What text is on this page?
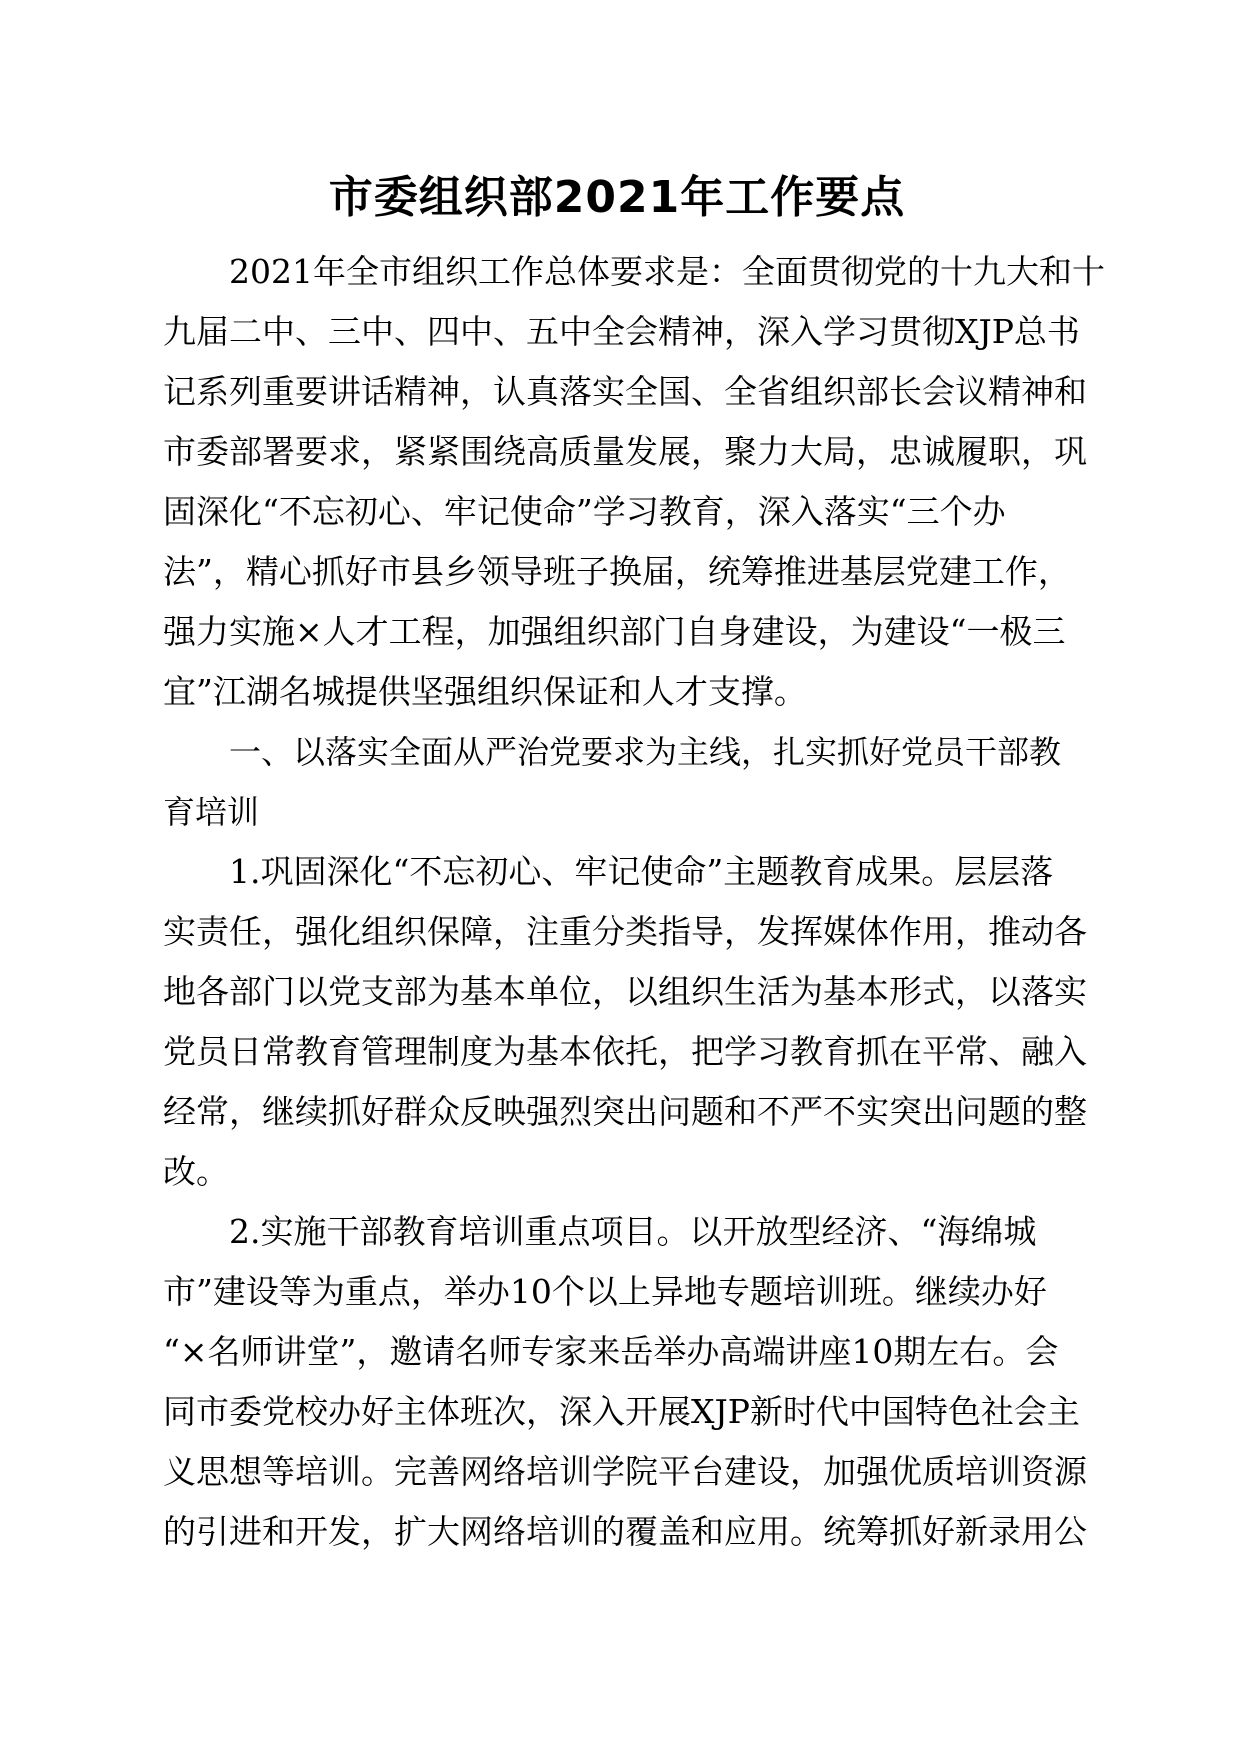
市委组织部2021年工作要点
2021年全市组织工作总体要求是：全面贯彻党的十九大和十
九届二中、三中、四中、五中全会精神，深入学习贯彻XJP总书
记系列重要讲话精神，认真落实全国、全省组织部长会议精神和
市委部署要求，紧紧围绕高质量发展，聚力大局，忠诚履职，巩
固深化“不忘初心、牢记使命”学习教育，深入落实“三个办
法”，精心抓好市县乡领导班子换届，统筹推进基层党建工作，
强力实施×人才工程，加强组织部门自身建设，为建设“一极三
宜”江湖名城提供坚强组织保证和人才支撑。
一、以落实全面从严治党要求为主线，扎实抓好党员干部教
育培训
1.巩固深化“不忘初心、牢记使命”主题教育成果。层层落
实责任，强化组织保障，注重分类指导，发挥媒体作用，推动各
地各部门以党支部为基本单位，以组织生活为基本形式，以落实
党员日常教育管理制度为基本依托，把学习教育抓在平常、融入
经常，继续抓好群众反映强烈突出问题和不严不实突出问题的整
改。
2.实施干部教育培训重点项目。以开放型经济、“海绵城
市”建设等为重点，举办10个以上异地专题培训班。继续办好
“×名师讲堂”，邀请名师专家来岳举办高端讲座10期左右。会
同市委党校办好主体班次，深入开展XJP新时代中国特色社会主
义思想等培训。完善网络培训学院平台建设，加强优质培训资源
的引进和开发，扩大网络培训的覆盖和应用。统筹抓好新录用公
